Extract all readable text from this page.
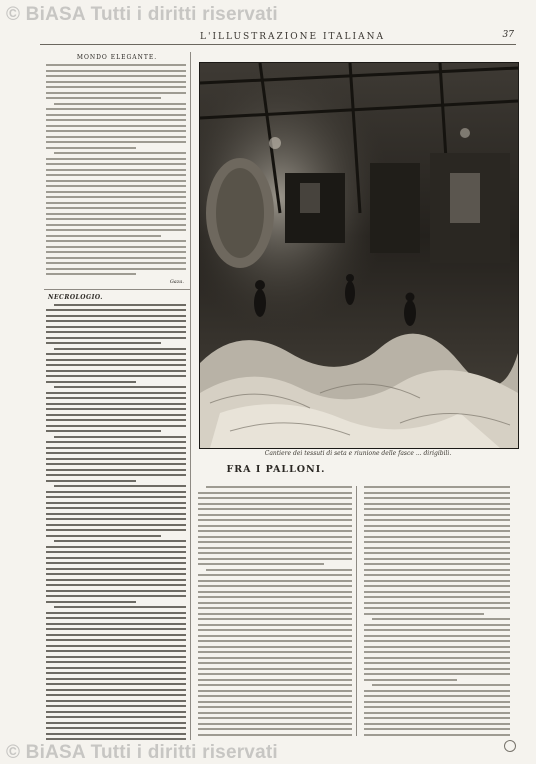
© BiASA Tutti i diritti riservati
L'ILLUSTRAZIONE ITALIANA	37
MONDO ELEGANTE.
Gaza.
NECROLOGIO.
Cantiere dei tessuti di seta e riunione delle fasce ... dirigibili.
FRA I PALLONI.
© BiASA Tutti i diritti riservati
